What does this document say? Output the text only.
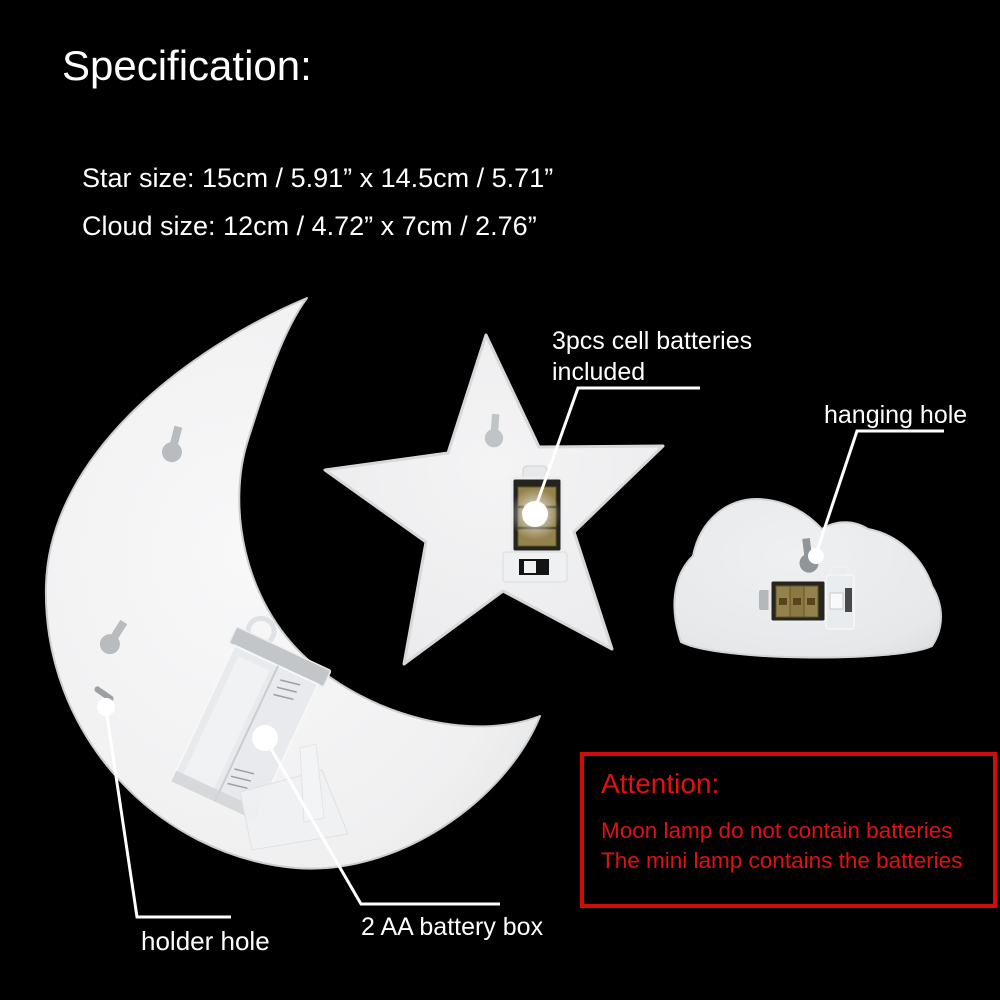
Specification:
Star size: 15cm / 5.91” x 14.5cm / 5.71”
Cloud size: 12cm / 4.72” x 7cm / 2.76”
3pcs cell batteries
included
hanging hole
holder hole	2 AA battery box
Attention:
Moon lamp do not contain batteries
The mini lamp contains the batteries
